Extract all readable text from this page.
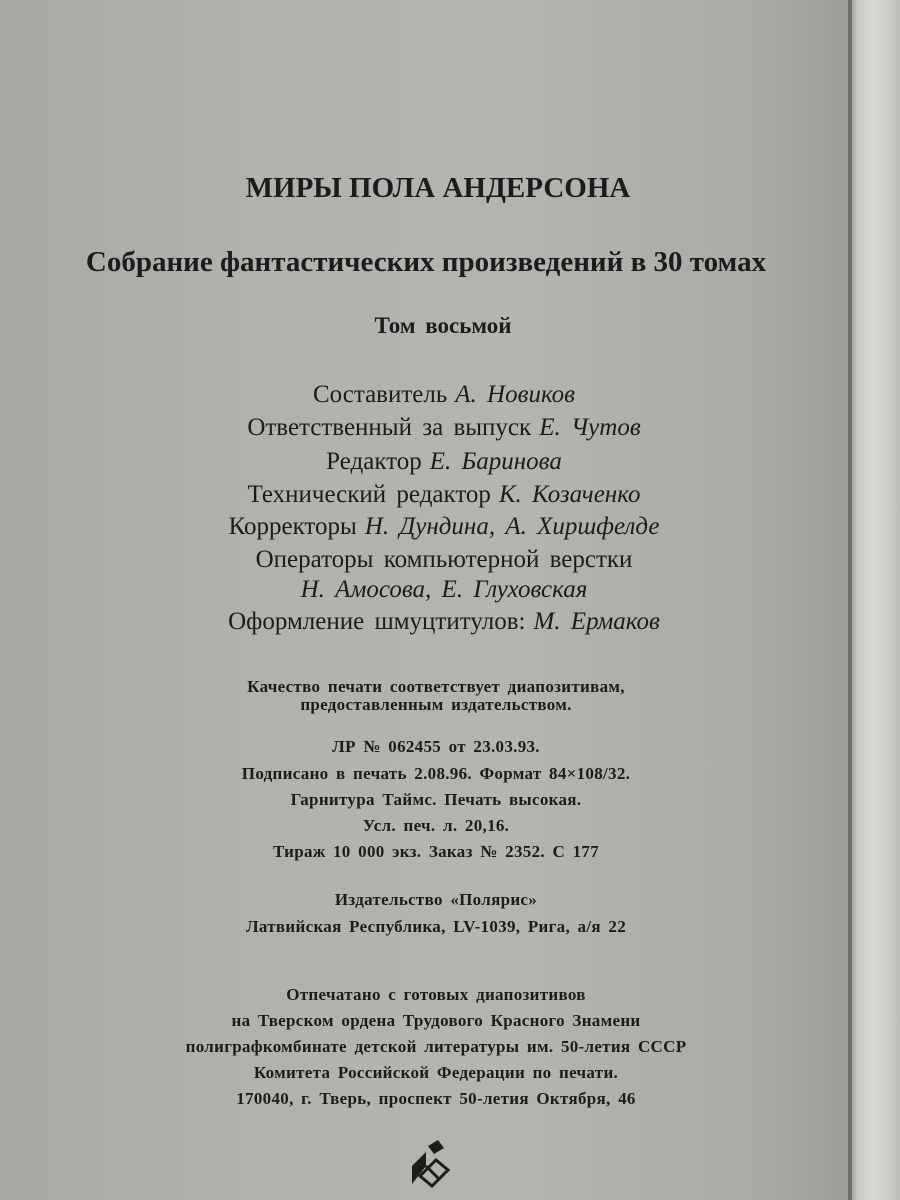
МИРЫ ПОЛА АНДЕРСОНА
Собрание фантастических произведений в 30 томах
Том восьмой
Составитель А. Новиков
Ответственный за выпуск Е. Чутов
Редактор Е. Баринова
Технический редактор К. Козаченко
Корректоры Н. Дундина, А. Хиршфелде
Операторы компьютерной верстки
Н. Амосова, Е. Глуховская
Оформление шмуцтитулов: М. Ермаков
Качество печати соответствует диапозитивам,
предоставленным издательством.
ЛР № 062455 от 23.03.93.
Подписано в печать 2.08.96. Формат 84×108/32.
Гарнитура Таймс. Печать высокая.
Усл. печ. л. 20,16.
Тираж 10 000 экз. Заказ № 2352. С 177
Издательство «Полярис»
Латвийская Республика, LV-1039, Рига, а/я 22
Отпечатано с готовых диапозитивов
на Тверском ордена Трудового Красного Знамени
полиграфкомбинате детской литературы им. 50-летия СССР
Комитета Российской Федерации по печати.
170040, г. Тверь, проспект 50-летия Октября, 46
